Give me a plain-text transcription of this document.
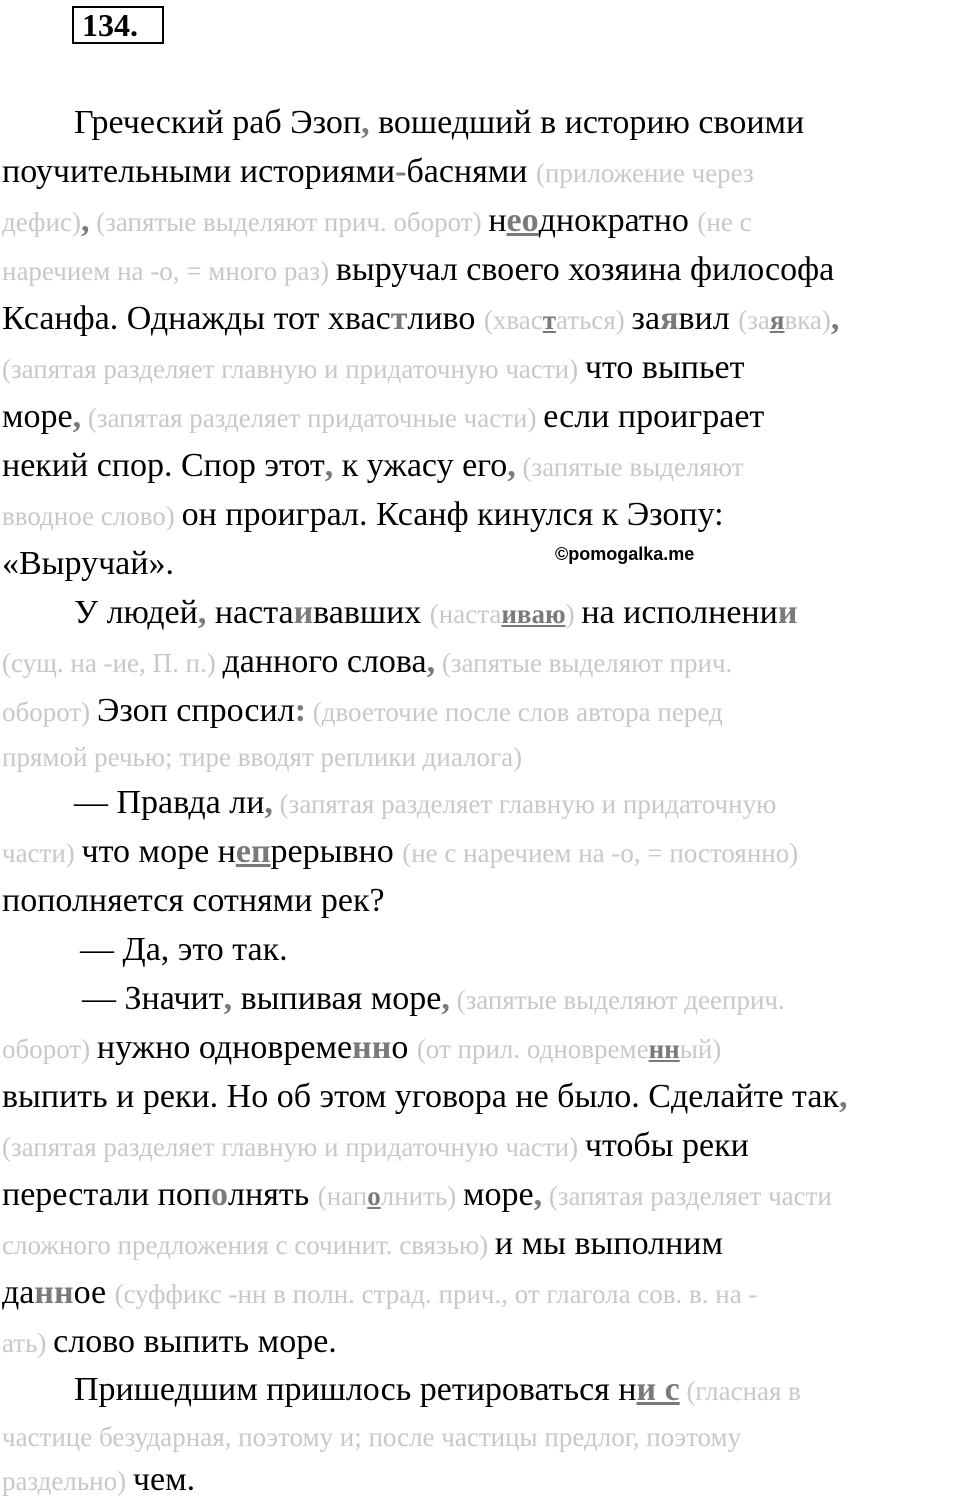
134.
Греческий раб Эзоп, вошедший в историю своими
поучительными историями-баснями (приложение через
дефис), (запятые выделяют прич. оборот) неоднократно (не с
наречием на -о, = много раз) выручал своего хозяина философа
Ксанфа. Однажды тот хвастливо (хвастаться) заявил (заявка),
(запятая разделяет главную и придаточную части) что выпьет
море, (запятая разделяет придаточные части) если проиграет
некий спор. Спор этот, к ужасу его, (запятые выделяют
вводное слово) он проиграл. Ксанф кинулся к Эзопу:
«Выручай».	©pomogalka.me
У людей, настаивавших (настаиваю) на исполнении
(сущ. на -ие, П. п.) данного слова, (запятые выделяют прич.
оборот) Эзоп спросил: (двоеточие после слов автора перед
прямой речью; тире вводят реплики диалога)
— Правда ли, (запятая разделяет главную и придаточную
части) что море непрерывно (не с наречием на -о, = постоянно)
пополняется сотнями рек?
— Да, это так.
— Значит, выпивая море, (запятые выделяют дееприч.
оборот) нужно одновременно (от прил. одновременный)
выпить и реки. Но об этом уговора не было. Сделайте так,
(запятая разделяет главную и придаточную части) чтобы реки
перестали пополнять (наполнить) море, (запятая разделяет части
сложного предложения с сочинит. связью) и мы выполним
данное (суффикс -нн в полн. страд. прич., от глагола сов. в. на -
ать) слово выпить море.
Пришедшим пришлось ретироваться ни с (гласная в
частице безударная, поэтому и; после частицы предлог, поэтому
раздельно) чем.
